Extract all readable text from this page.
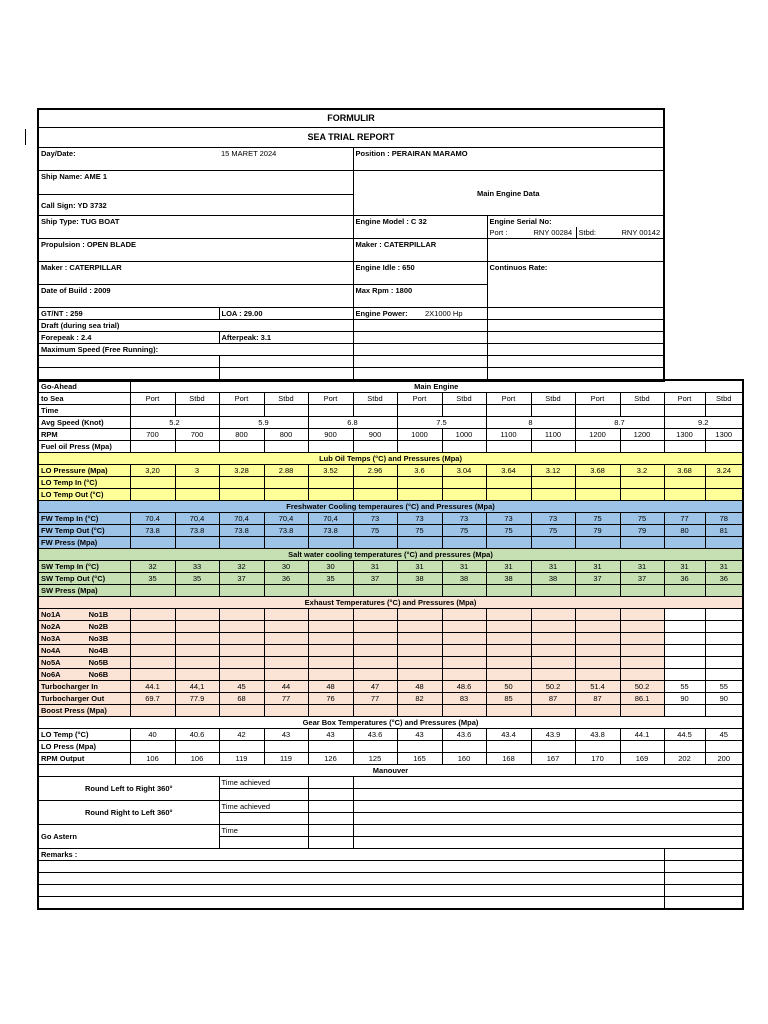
FORMULIR			
SEA TRIAL REPORT			
Day/Date:	15 MARET 2024	Position : PERAIRAN MARAMO	
Ship Name: AME 1		Main Engine Data	
Call Sign: YD 3732			
Ship Type: TUG BOAT		Engine Model : C 32	Engine Serial No:
Port : RNY 00284 Stbd: RNY 00142

Propulsion : OPEN BLADE		Maker : CATERPILLAR	
Maker : CATERPILLAR		Engine Idle : 650	Continuos Rate:
Date of Build : 2009		Max Rpm : 1800	
GT/NT : 259	LOA : 29.00	Engine Power: 2X1000 Hp	

Draft (during sea trial)			
Forepeak : 2.4	Afterpeak: 3.1		
Maximum Speed (Free Running):			

Go-Ahead	Main Engine													
to Sea	Port	Stbd	Port	Stbd	Port	Stbd	Port	Stbd	Port	Stbd	Port	Stbd	Port	Stbd
Time														
Avg Speed (Knot)	5.2		5.9		6.8		7.5		8		8.7		9.2	
RPM	700	700	800	800	900	900	1000	1000	1100	1100	1200	1200	1300	1300
Fuel oil Press (Mpa)														
Lub Oil Temps (°C) and Pressures (Mpa)														
LO Pressure (Mpa)	3,20	3	3.28	2.88	3.52	2.96	3.6	3.04	3.64	3.12	3.68	3.2	3.68	3.24
LO Temp In (°C)														
LO Temp Out (°C)														
Freshwater Cooling temperaures (°C) and Pressures (Mpa)														
FW Temp In (°C)	70.4	70,4	70,4	70,4	70,4	73	73	73	73	73	75	75	77	78
FW Temp Out (°C)	73.8	73.8	73.8	73.8	73.8	75	75	75	75	75	79	79	80	81
FW Press (Mpa)														
Salt water cooling temperatures (°C) and pressures (Mpa)														
SW Temp In (°C)	32	33	32	30	30	31	31	31	31	31	31	31	31	31
SW Temp Out (°C)	35	35	37	36	35	37	38	38	38	38	37	37	36	36
SW Press (Mpa)														
Exhaust Temperatures (°C) and Pressures (Mpa)														
No1A No1B														
No2A No2B														
No3A No3B														
No4A No4B														
No5A No5B														
No6A No6B														
Turbocharger In	44.1	44,1	45	44	48	47	48	48.6	50	50.2	51.4	50.2	55	55
Turbocharger Out	69.7	77.9	68	77	76	77	82	83	85	87	87	86.1	90	90
Boost Press (Mpa)														
Gear Box Temperatures (°C) and Pressures (Mpa)														
LO Temp (°C)	40	40.6	42	43	43	43.6	43	43.6	43.4	43.9	43.8	44.1	44.5	45
LO Press (Mpa)														
RPM Output	106	106	119	119	126	125	165	160	168	167	170	169	202	200
Manouver														
Round Left to Right 360°			Time achieved											

Round Right to Left 360°			Time achieved											

Go Astern			Time											

Remarks :														
